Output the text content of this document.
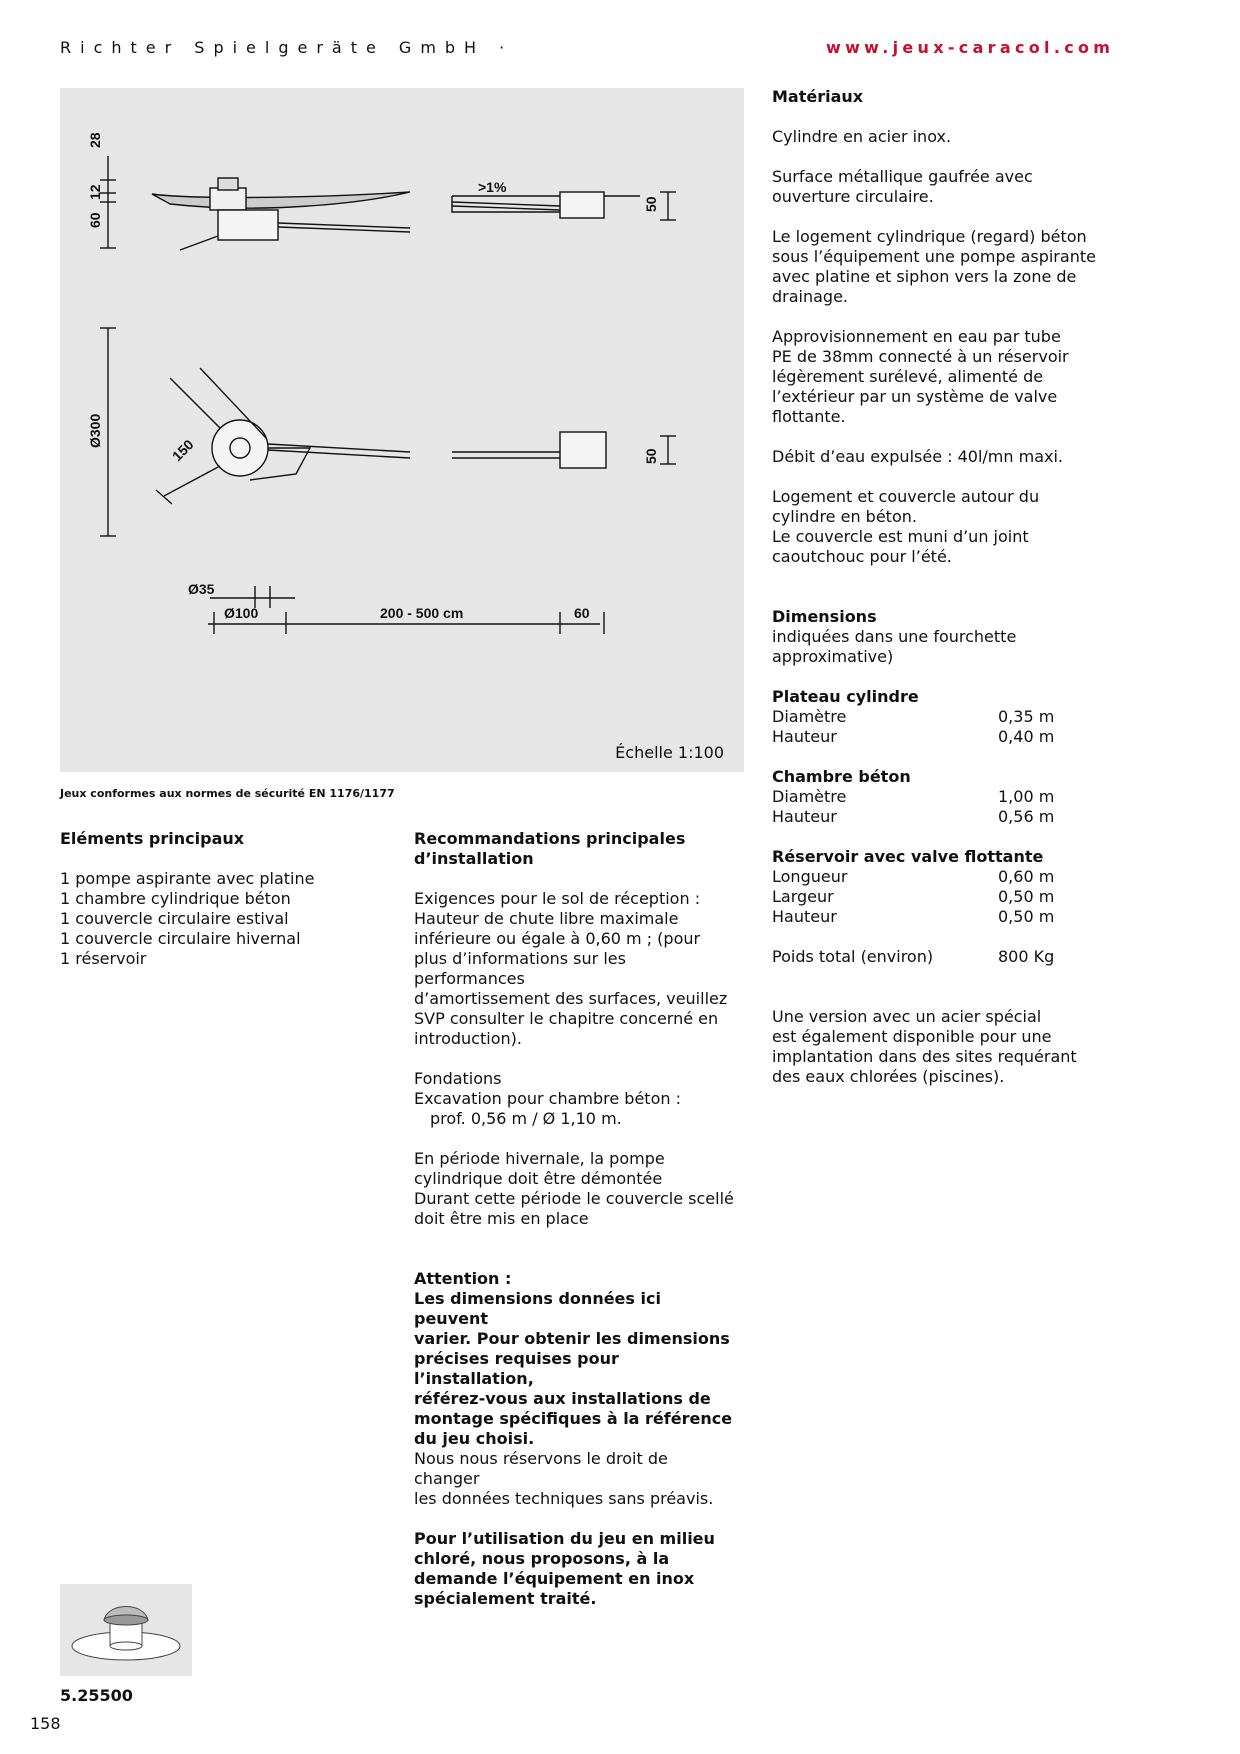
Richter Spielgeräte GmbH ·	www.jeux-caracol.com
28
60
12	>1%
50
Ø300
150	50
Ø35
Ø100	200 - 500 cm	60
Échelle 1:100
Jeux conformes aux normes de sécurité EN 1176/1177

Eléments principaux

1 pompe aspirante avec platine
1 chambre cylindrique béton
1 couvercle circulaire estival
1 couvercle circulaire hivernal
1 réservoir

Recommandations principales
d’installation

Exigences pour le sol de réception :
Hauteur de chute libre maximale
inférieure ou égale à 0,60 m ; (pour
plus d’informations sur les performances
d’amortissement des surfaces, veuillez
SVP consulter le chapitre concerné en
introduction).

Fondations
Excavation pour chambre béton :
prof. 0,56 m / Ø 1,10 m.

En période hivernale, la pompe
cylindrique doit être démontée
Durant cette période le couvercle scellé
doit être mis en place

Attention :
Les dimensions données ici peuvent
varier. Pour obtenir les dimensions
précises requises pour l’installation,
référez-vous aux installations de
montage spécifiques à la référence
du jeu choisi.
Nous nous réservons le droit de changer
les données techniques sans préavis.

Pour l’utilisation du jeu en milieu
chloré, nous proposons, à la
demande l’équipement en inox
spécialement traité.

Matériaux

Cylindre en acier inox.

Surface métallique gaufrée avec
ouverture circulaire.

Le logement cylindrique (regard) béton
sous l’équipement une pompe aspirante
avec platine et siphon vers la zone de
drainage.

Approvisionnement en eau par tube
PE de 38mm connecté à un réservoir
légèrement surélevé, alimenté de
l’extérieur par un système de valve
flottante.

Débit d’eau expulsée : 40l/mn maxi.

Logement et couvercle autour du
cylindre en béton.
Le couvercle est muni d’un joint
caoutchouc pour l’été.

Dimensions
indiquées dans une fourchette
approximative)

Plateau cylindre
Diamètre	0,35 m
Hauteur	0,40 m
Chambre béton
Diamètre	1,00 m
Hauteur	0,56 m
Réservoir avec valve flottante
Longueur	0,60 m
Largeur	0,50 m
Hauteur	0,50 m
Poids total (environ)	800 Kg

Une version avec un acier spécial
est également disponible pour une
implantation dans des sites requérant
des eaux chlorées (piscines).

5.25500
158
